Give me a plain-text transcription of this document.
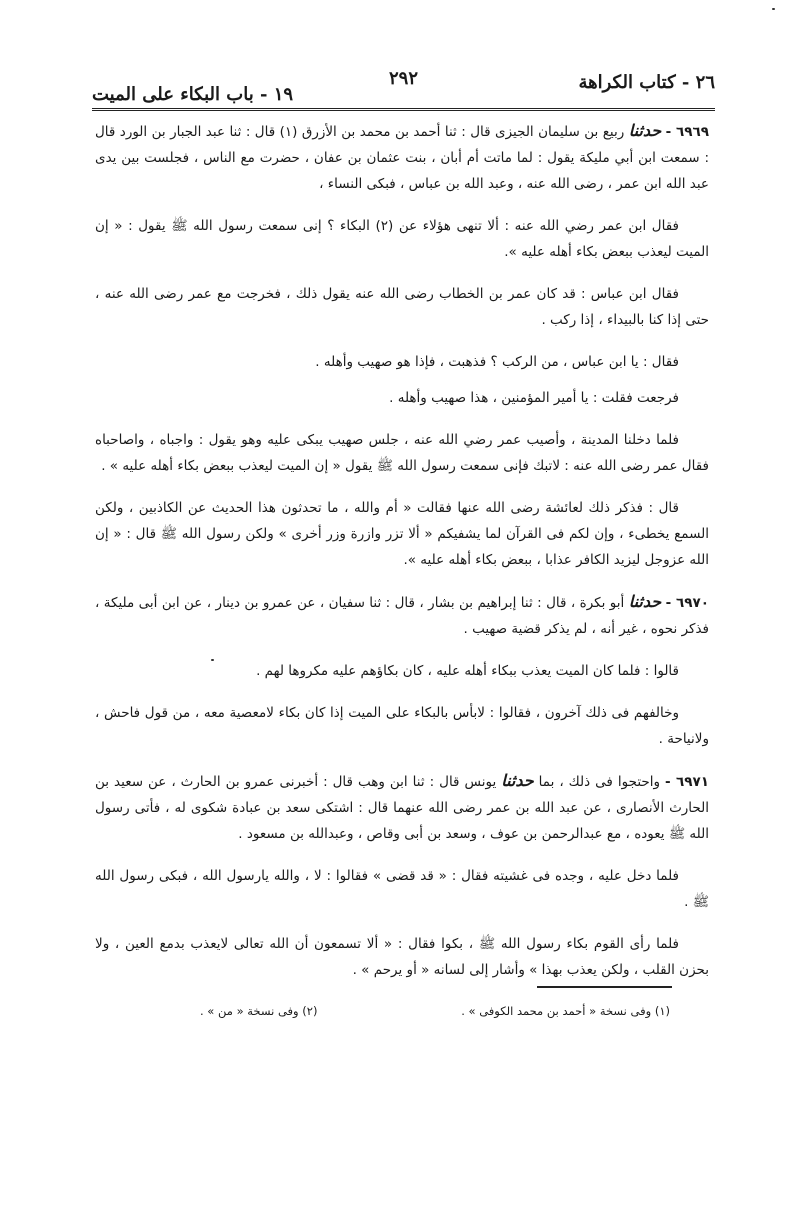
٢٦ - كتاب الكراهة
٢٩٢
١٩ - باب البكاء على الميت

٦٩٦٩ - حدثنا ربيع بن سليمان الجيزى قال : ثنا أحمد بن محمد بن الأزرق (١) قال : ثنا عبد الجبار بن الورد قال : سمعت ابن أبي مليكة يقول : لما ماتت أم أبان ، بنت عثمان بن عفان ، حضرت مع الناس ، فجلست بين يدى عبد الله ابن عمر ، رضى الله عنه ، وعبد الله بن عباس ، فبكى النساء ،

فقال ابن عمر رضي الله عنه : ألا تنهى هؤلاء عن (٢) البكاء ؟ إنى سمعت رسول الله ﷺ يقول : « إن الميت ليعذب ببعض بكاء أهله عليه ».

فقال ابن عباس : قد كان عمر بن الخطاب رضى الله عنه يقول ذلك ، فخرجت مع عمر رضى الله عنه ، حتى إذا كنا بالبيداء ، إذا ركب .

فقال : يا ابن عباس ، من الركب ؟ فذهبت ، فإذا هو صهيب وأهله .

فرجعت فقلت : يا أمير المؤمنين ، هذا صهيب وأهله .

فلما دخلنا المدينة ، وأصيب عمر رضي الله عنه ، جلس صهيب يبكى عليه وهو يقول : واجباه ، واصاحباه فقال عمر رضى الله عنه : لاتبك فإنى سمعت رسول الله ﷺ يقول « إن الميت ليعذب ببعض بكاء أهله عليه » .

قال : فذكر ذلك لعائشة رضى الله عنها فقالت « أم والله ، ما تحدثون هذا الحديث عن الكاذبين ، ولكن السمع يخطىء ، وإن لكم فى القرآن لما يشفيكم « ألا تزر وازرة وزر أخرى » ولكن رسول الله ﷺ قال : « إن الله عزوجل ليزيد الكافر عذابا ، ببعض بكاء أهله عليه ».

٦٩٧٠ - حدثنا أبو بكرة ، قال : ثنا إبراهيم بن بشار ، قال : ثنا سفيان ، عن عمرو بن دينار ، عن ابن أبى مليكة ، فذكر نحوه ، غير أنه ، لم يذكر قضية صهيب .

قالوا : فلما كان الميت يعذب ببكاء أهله عليه ، كان بكاؤهم عليه مكروها لهم .

وخالفهم فى ذلك آخرون ، فقالوا : لابأس بالبكاء على الميت إذا كان بكاء لامعصية معه ، من قول فاحش ، ولانياحة .

٦٩٧١ - واحتجوا فى ذلك ، بما حدثنا يونس قال : ثنا ابن وهب قال : أخبرنى عمرو بن الحارث ، عن سعيد بن الحارث الأنصارى ، عن عبد الله بن عمر رضى الله عنهما قال : اشتكى سعد بن عبادة شكوى له ، فأتى رسول الله ﷺ يعوده ، مع عبدالرحمن بن عوف ، وسعد بن أبى وقاص ، وعبدالله بن مسعود .

فلما دخل عليه ، وجده فى غشيته فقال : « قد قضى » فقالوا : لا ، والله يارسول الله ، فبكى رسول الله ﷺ .

فلما رأى القوم بكاء رسول الله ﷺ ، بكوا فقال : « ألا تسمعون أن الله تعالى لايعذب بدمع العين ، ولا بحزن القلب ، ولكن يعذب بهذا » وأشار إلى لسانه « أو يرحم » .

(١) وفى نسخة « أحمد بن محمد الكوفى » .
(٢) وفى نسخة « من » .
